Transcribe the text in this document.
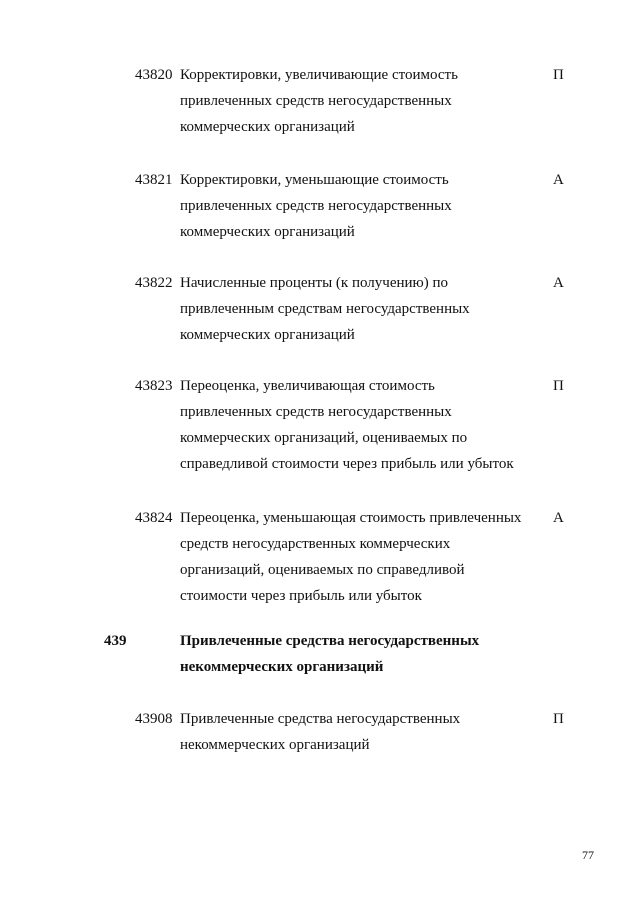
43820 Корректировки, увеличивающие стоимость
привлеченных средств негосударственных
коммерческих организаций
П
43821 Корректировки, уменьшающие стоимость
привлеченных средств негосударственных
коммерческих организаций
А
43822 Начисленные проценты (к получению) по
привлеченным средствам негосударственных
коммерческих организаций
А
43823 Переоценка, увеличивающая стоимость
привлеченных средств негосударственных
коммерческих организаций, оцениваемых по
справедливой стоимости через прибыль или убыток
П
43824 Переоценка, уменьшающая стоимость привлеченных
средств негосударственных коммерческих
организаций, оцениваемых по справедливой
стоимости через прибыль или убыток
А
439	Привлеченные средства негосударственных
некоммерческих организаций
43908 Привлеченные средства негосударственных
некоммерческих организаций
П
77
